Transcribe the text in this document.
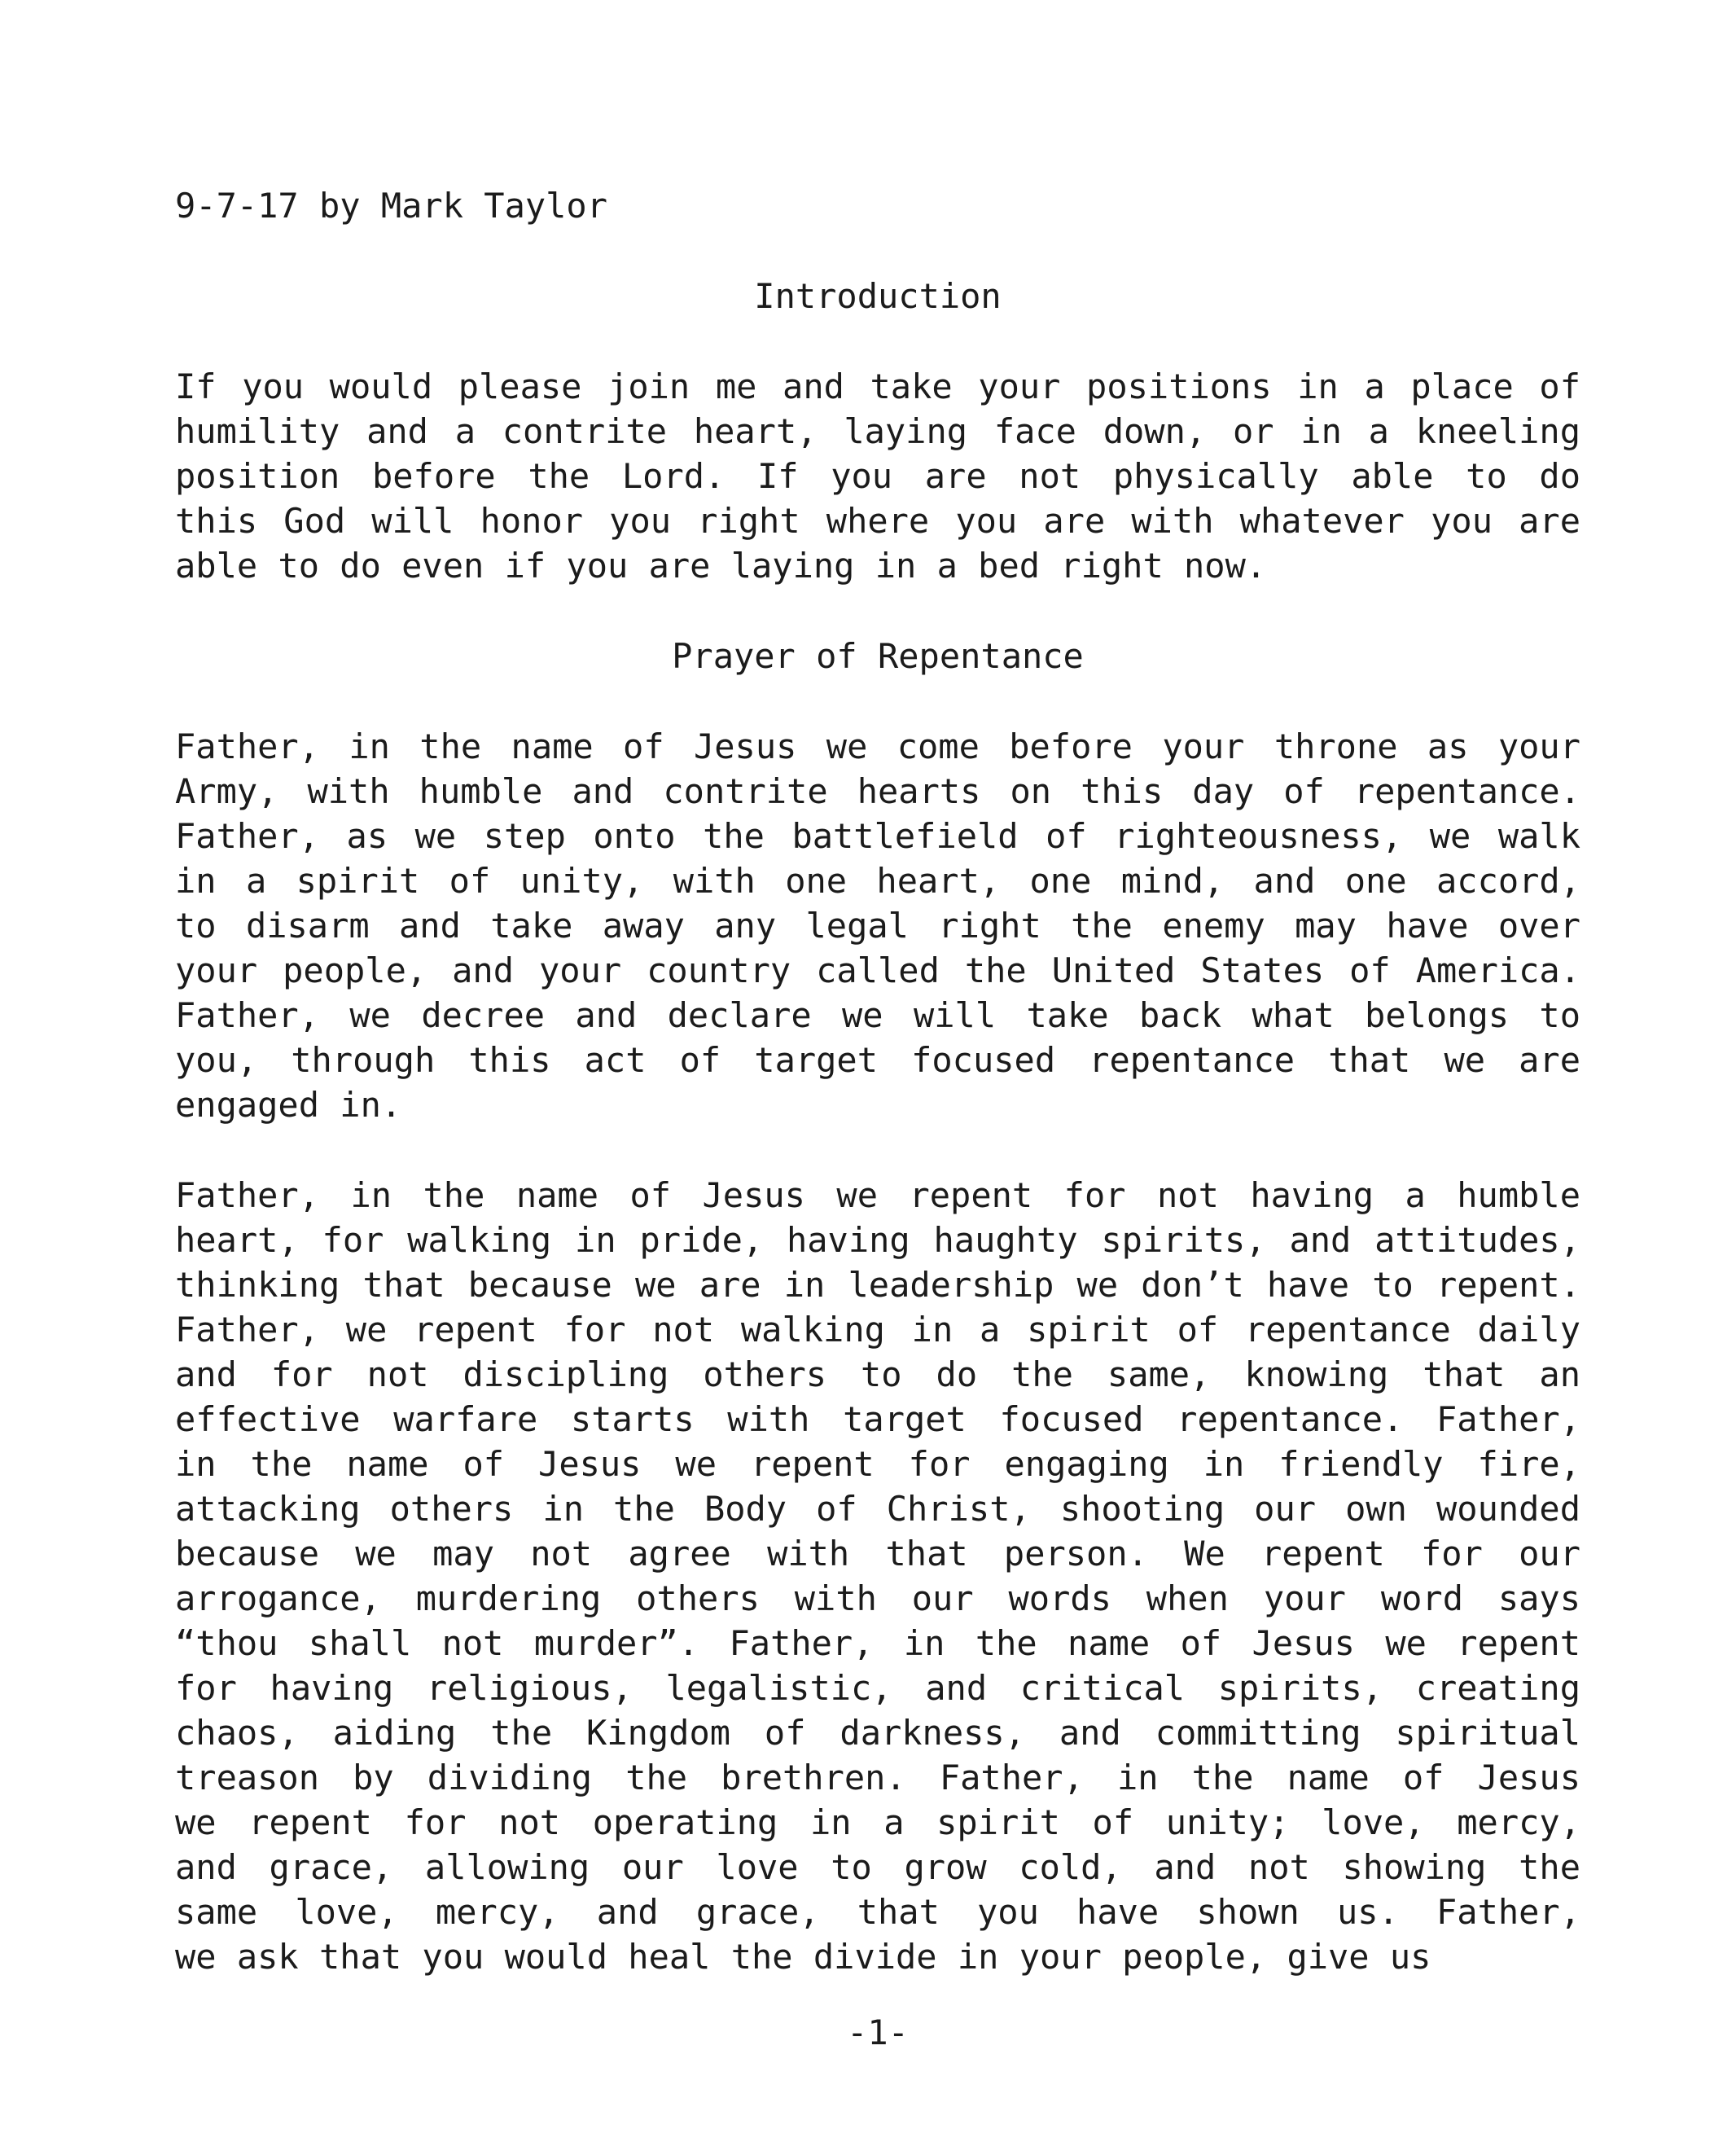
9-7-17 by Mark Taylor
Introduction
If you would please join me and take your positions in a place of
humility and a contrite heart, laying face down, or in a kneeling
position before the Lord. If you are not physically able to do
this God will honor you right where you are with whatever you are
able to do even if you are laying in a bed right now.
Prayer of Repentance
Father, in the name of Jesus we come before your throne as your
Army, with humble and contrite hearts on this day of repentance.
Father, as we step onto the battlefield of righteousness, we walk
in a spirit of unity, with one heart, one mind, and one accord,
to disarm and take away any legal right the enemy may have over
your people, and your country called the United States of America.
Father, we decree and declare we will take back what belongs to
you, through this act of target focused repentance that we are
engaged in.
Father, in the name of Jesus we repent for not having a humble
heart, for walking in pride, having haughty spirits, and attitudes,
thinking that because we are in leadership we don’t have to repent.
Father, we repent for not walking in a spirit of repentance daily
and for not discipling others to do the same, knowing that an
effective warfare starts with target focused repentance. Father,
in the name of Jesus we repent for engaging in friendly fire,
attacking others in the Body of Christ, shooting our own wounded
because we may not agree with that person. We repent for our
arrogance, murdering others with our words when your word says
“thou shall not murder”. Father, in the name of Jesus we repent
for having religious, legalistic, and critical spirits, creating
chaos, aiding the Kingdom of darkness, and committing spiritual
treason by dividing the brethren. Father, in the name of Jesus
we repent for not operating in a spirit of unity; love, mercy,
and grace, allowing our love to grow cold, and not showing the
same love, mercy, and grace, that you have shown us. Father,
we ask that you would heal the divide in your people, give us
-1-
